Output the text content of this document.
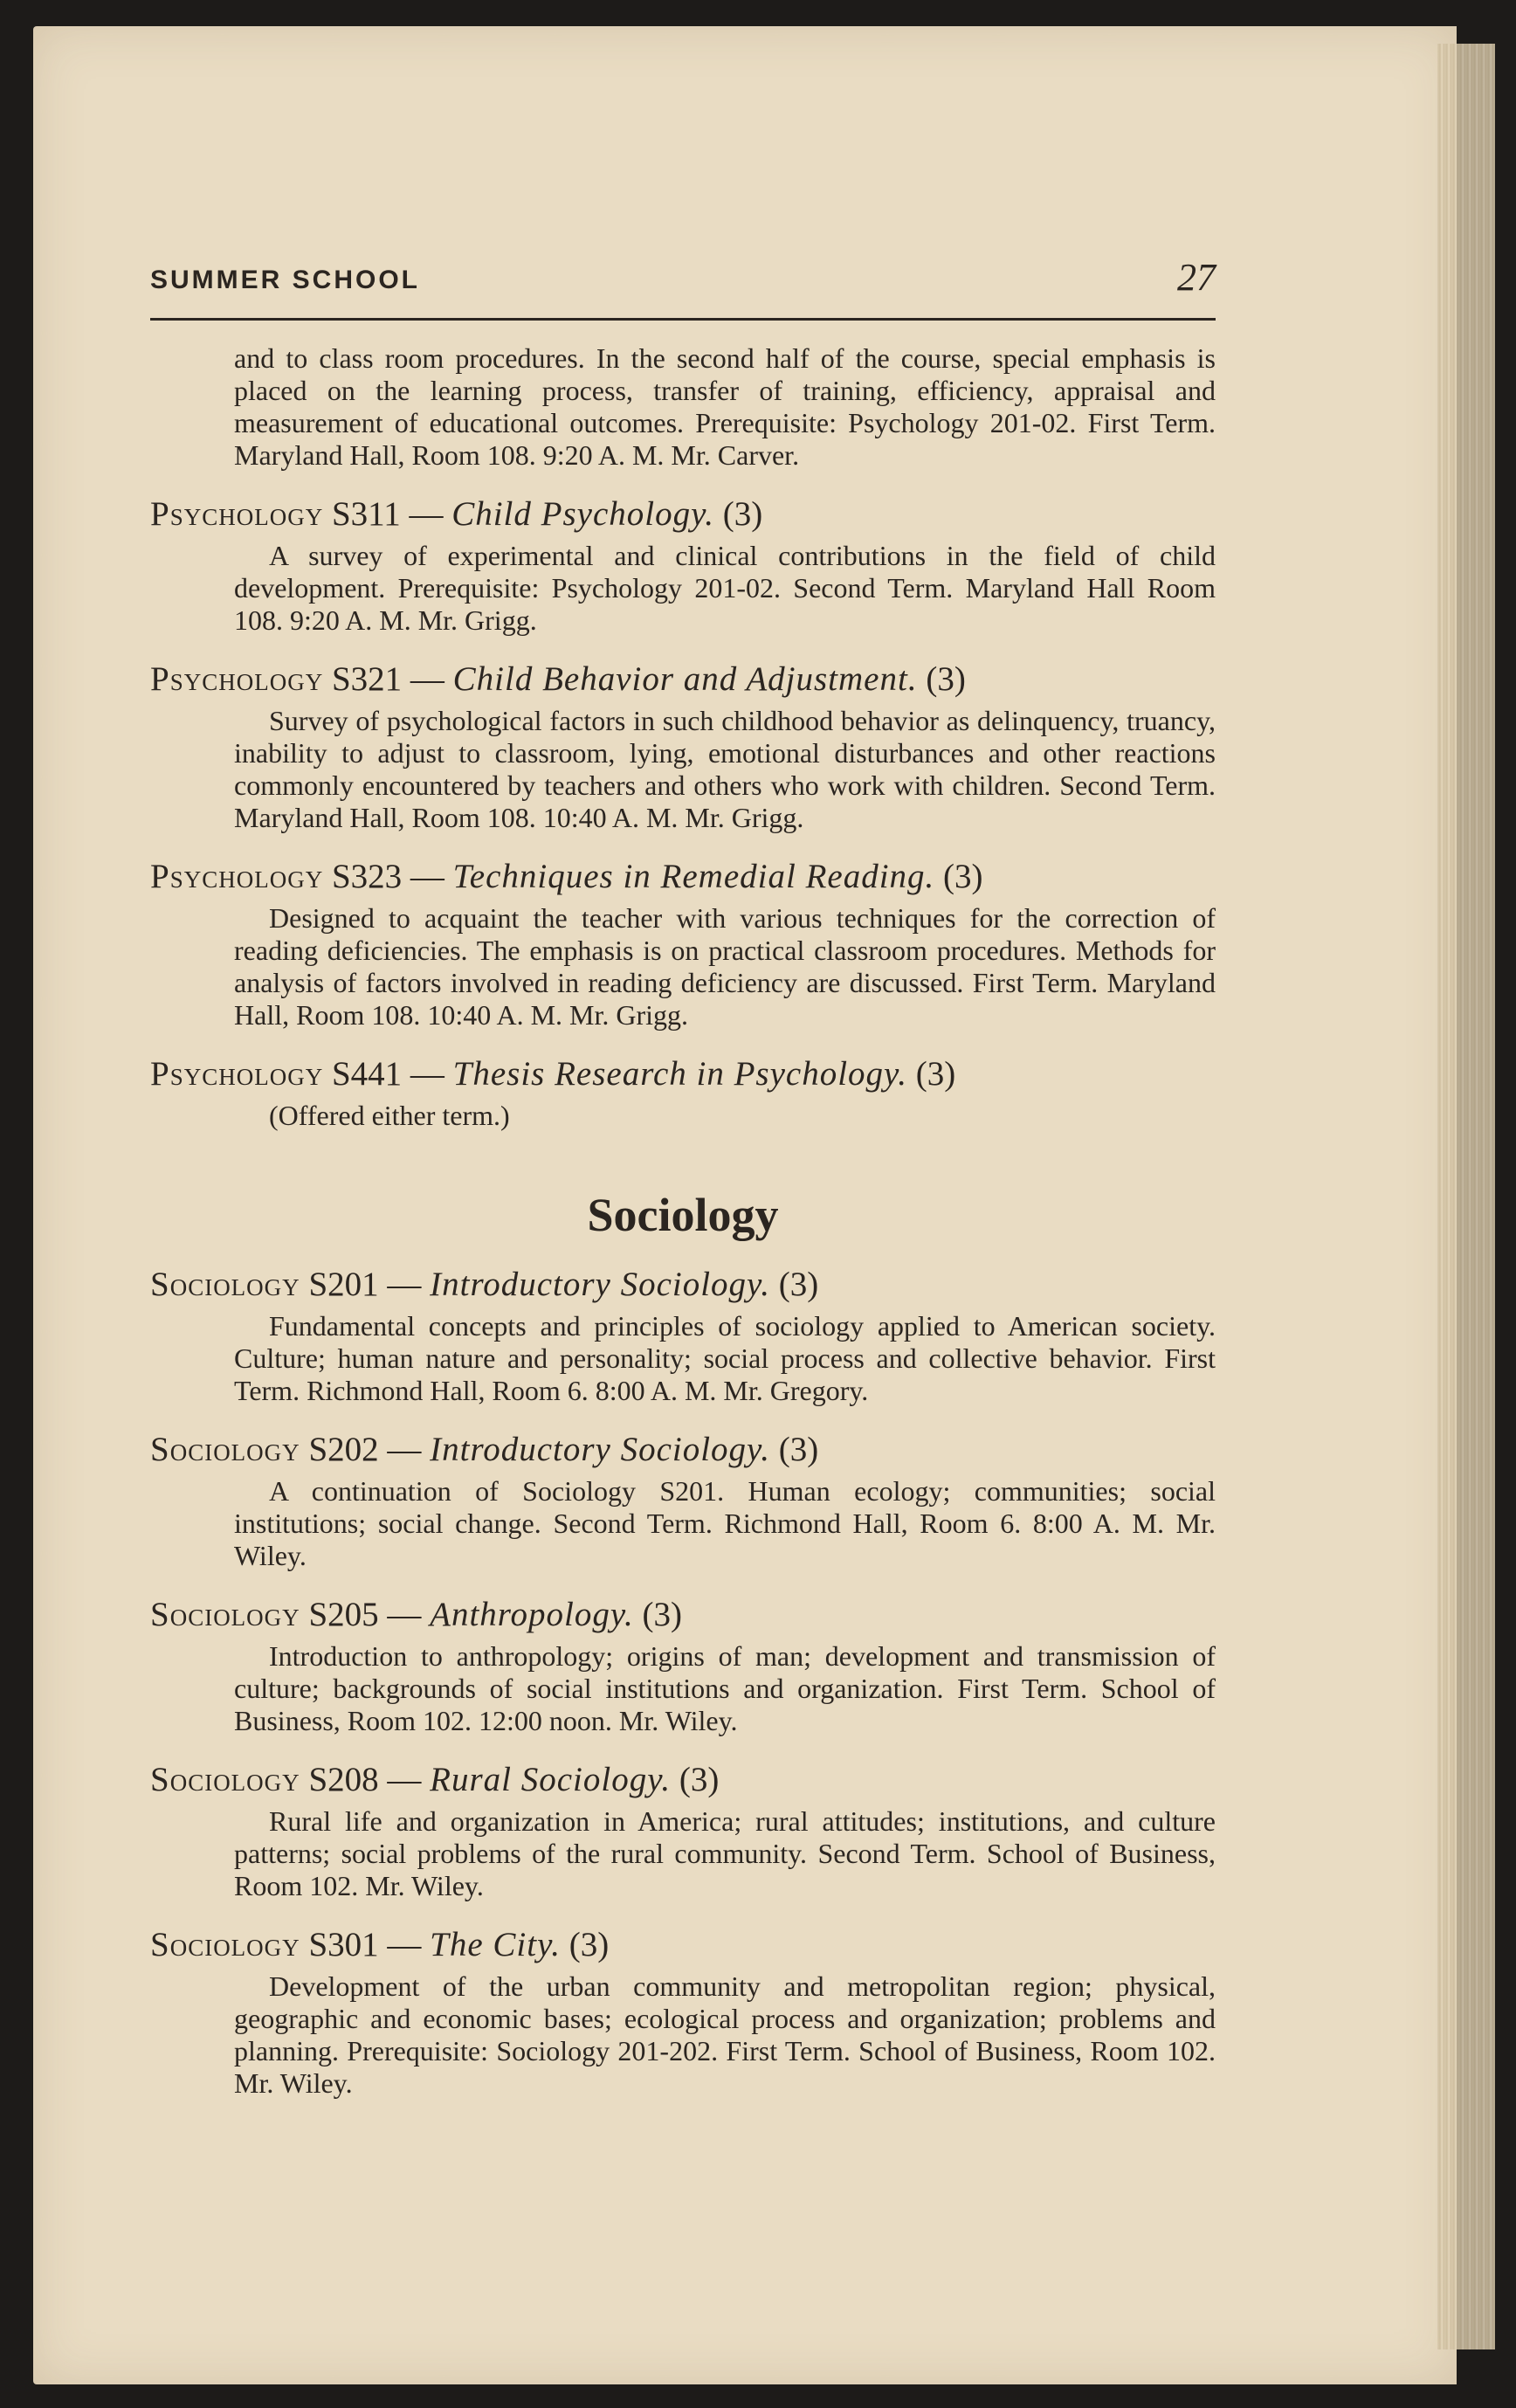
SUMMER SCHOOL	27

and to class room procedures. In the second half of the course, special emphasis is placed on the learning process, transfer of training, efficiency, appraisal and measurement of educational outcomes. Prerequisite: Psychology 201-02. First Term. Maryland Hall, Room 108. 9:20 A. M. Mr. Carver.

Psychology S311 — Child Psychology. (3)

A survey of experimental and clinical contributions in the field of child development. Prerequisite: Psychology 201-02. Second Term. Maryland Hall Room 108. 9:20 A. M. Mr. Grigg.

Psychology S321 — Child Behavior and Adjustment. (3)

Survey of psychological factors in such childhood behavior as delinquency, truancy, inability to adjust to classroom, lying, emotional disturbances and other reactions commonly encountered by teachers and others who work with children. Second Term. Maryland Hall, Room 108. 10:40 A. M. Mr. Grigg.

Psychology S323 — Techniques in Remedial Reading. (3)

Designed to acquaint the teacher with various techniques for the correction of reading deficiencies. The emphasis is on practical classroom procedures. Methods for analysis of factors involved in reading deficiency are discussed. First Term. Maryland Hall, Room 108. 10:40 A. M. Mr. Grigg.

Psychology S441 — Thesis Research in Psychology. (3)

(Offered either term.)

Sociology
Sociology S201 — Introductory Sociology. (3)

Fundamental concepts and principles of sociology applied to American society. Culture; human nature and personality; social process and collective behavior. First Term. Richmond Hall, Room 6. 8:00 A. M. Mr. Gregory.

Sociology S202 — Introductory Sociology. (3)

A continuation of Sociology S201. Human ecology; communities; social institutions; social change. Second Term. Richmond Hall, Room 6. 8:00 A. M. Mr. Wiley.

Sociology S205 — Anthropology. (3)

Introduction to anthropology; origins of man; development and transmission of culture; backgrounds of social institutions and organization. First Term. School of Business, Room 102. 12:00 noon. Mr. Wiley.

Sociology S208 — Rural Sociology. (3)

Rural life and organization in America; rural attitudes; institutions, and culture patterns; social problems of the rural community. Second Term. School of Business, Room 102. Mr. Wiley.

Sociology S301 — The City. (3)

Development of the urban community and metropolitan region; physical, geographic and economic bases; ecological process and organization; problems and planning. Prerequisite: Sociology 201-202. First Term. School of Business, Room 102. Mr. Wiley.
